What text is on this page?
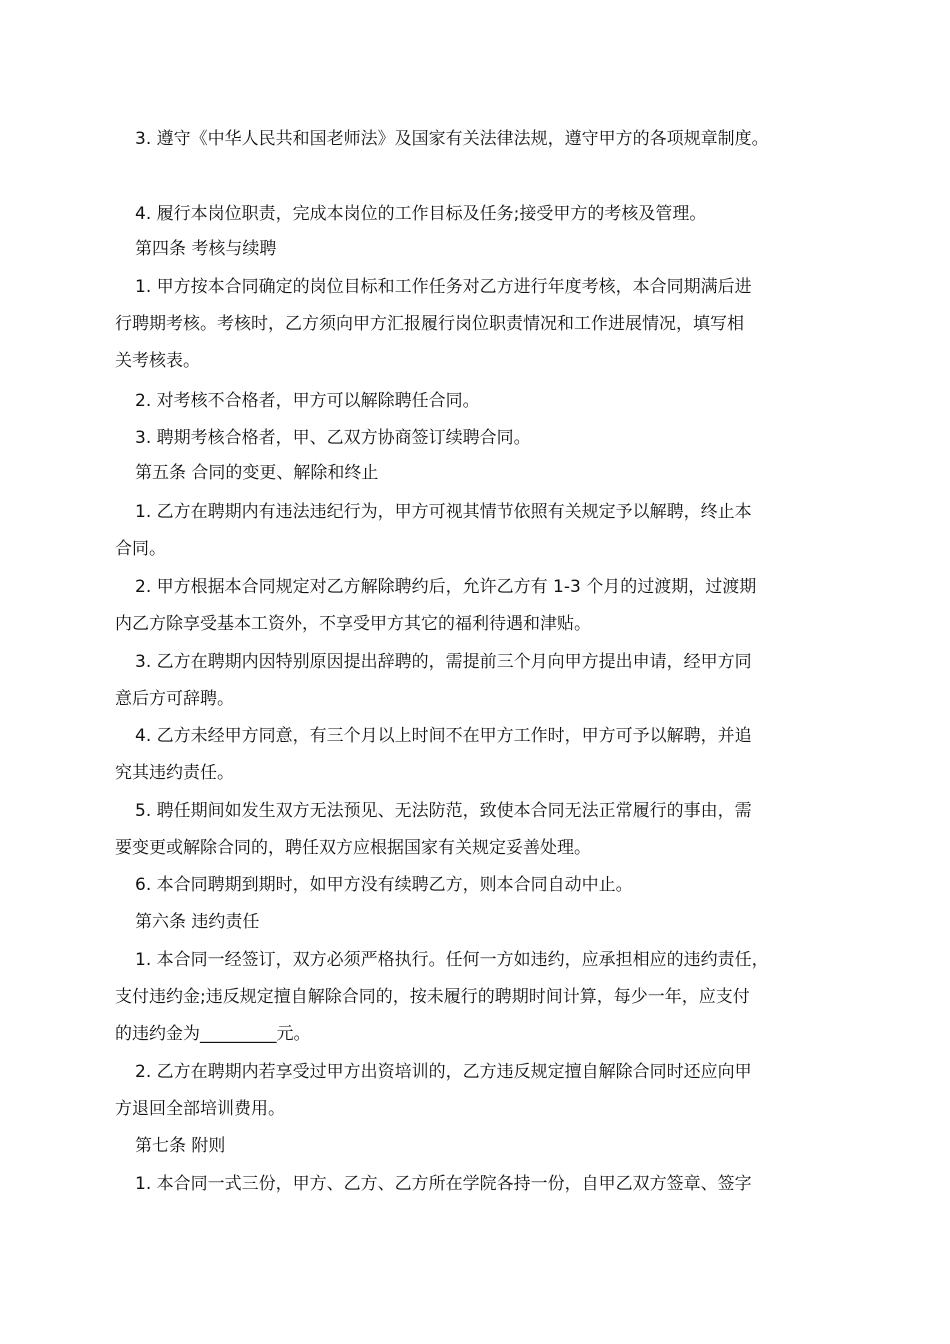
3. 遵守《中华人民共和国老师法》及国家有关法律法规，遵守甲方的各项规章制度。
4. 履行本岗位职责，完成本岗位的工作目标及任务;接受甲方的考核及管理。
第四条 考核与续聘
1. 甲方按本合同确定的岗位目标和工作任务对乙方进行年度考核，本合同期满后进
行聘期考核。考核时，乙方须向甲方汇报履行岗位职责情况和工作进展情况，填写相
关考核表。
2. 对考核不合格者，甲方可以解除聘任合同。
3. 聘期考核合格者，甲、乙双方协商签订续聘合同。
第五条 合同的变更、解除和终止
1. 乙方在聘期内有违法违纪行为，甲方可视其情节依照有关规定予以解聘，终止本
合同。
2. 甲方根据本合同规定对乙方解除聘约后，允许乙方有 1-3 个月的过渡期，过渡期
内乙方除享受基本工资外，不享受甲方其它的福利待遇和津贴。
3. 乙方在聘期内因特别原因提出辞聘的，需提前三个月向甲方提出申请，经甲方同
意后方可辞聘。
4. 乙方未经甲方同意，有三个月以上时间不在甲方工作时，甲方可予以解聘，并追
究其违约责任。
5. 聘任期间如发生双方无法预见、无法防范，致使本合同无法正常履行的事由，需
要变更或解除合同的，聘任双方应根据国家有关规定妥善处理。
6. 本合同聘期到期时，如甲方没有续聘乙方，则本合同自动中止。
第六条 违约责任
1. 本合同一经签订，双方必须严格执行。任何一方如违约，应承担相应的违约责任，
支付违约金;违反规定擅自解除合同的，按未履行的聘期时间计算，每少一年，应支付
的违约金为_________元。
2. 乙方在聘期内若享受过甲方出资培训的，乙方违反规定擅自解除合同时还应向甲
方退回全部培训费用。
第七条 附则
1. 本合同一式三份，甲方、乙方、乙方所在学院各持一份，自甲乙双方签章、签字
